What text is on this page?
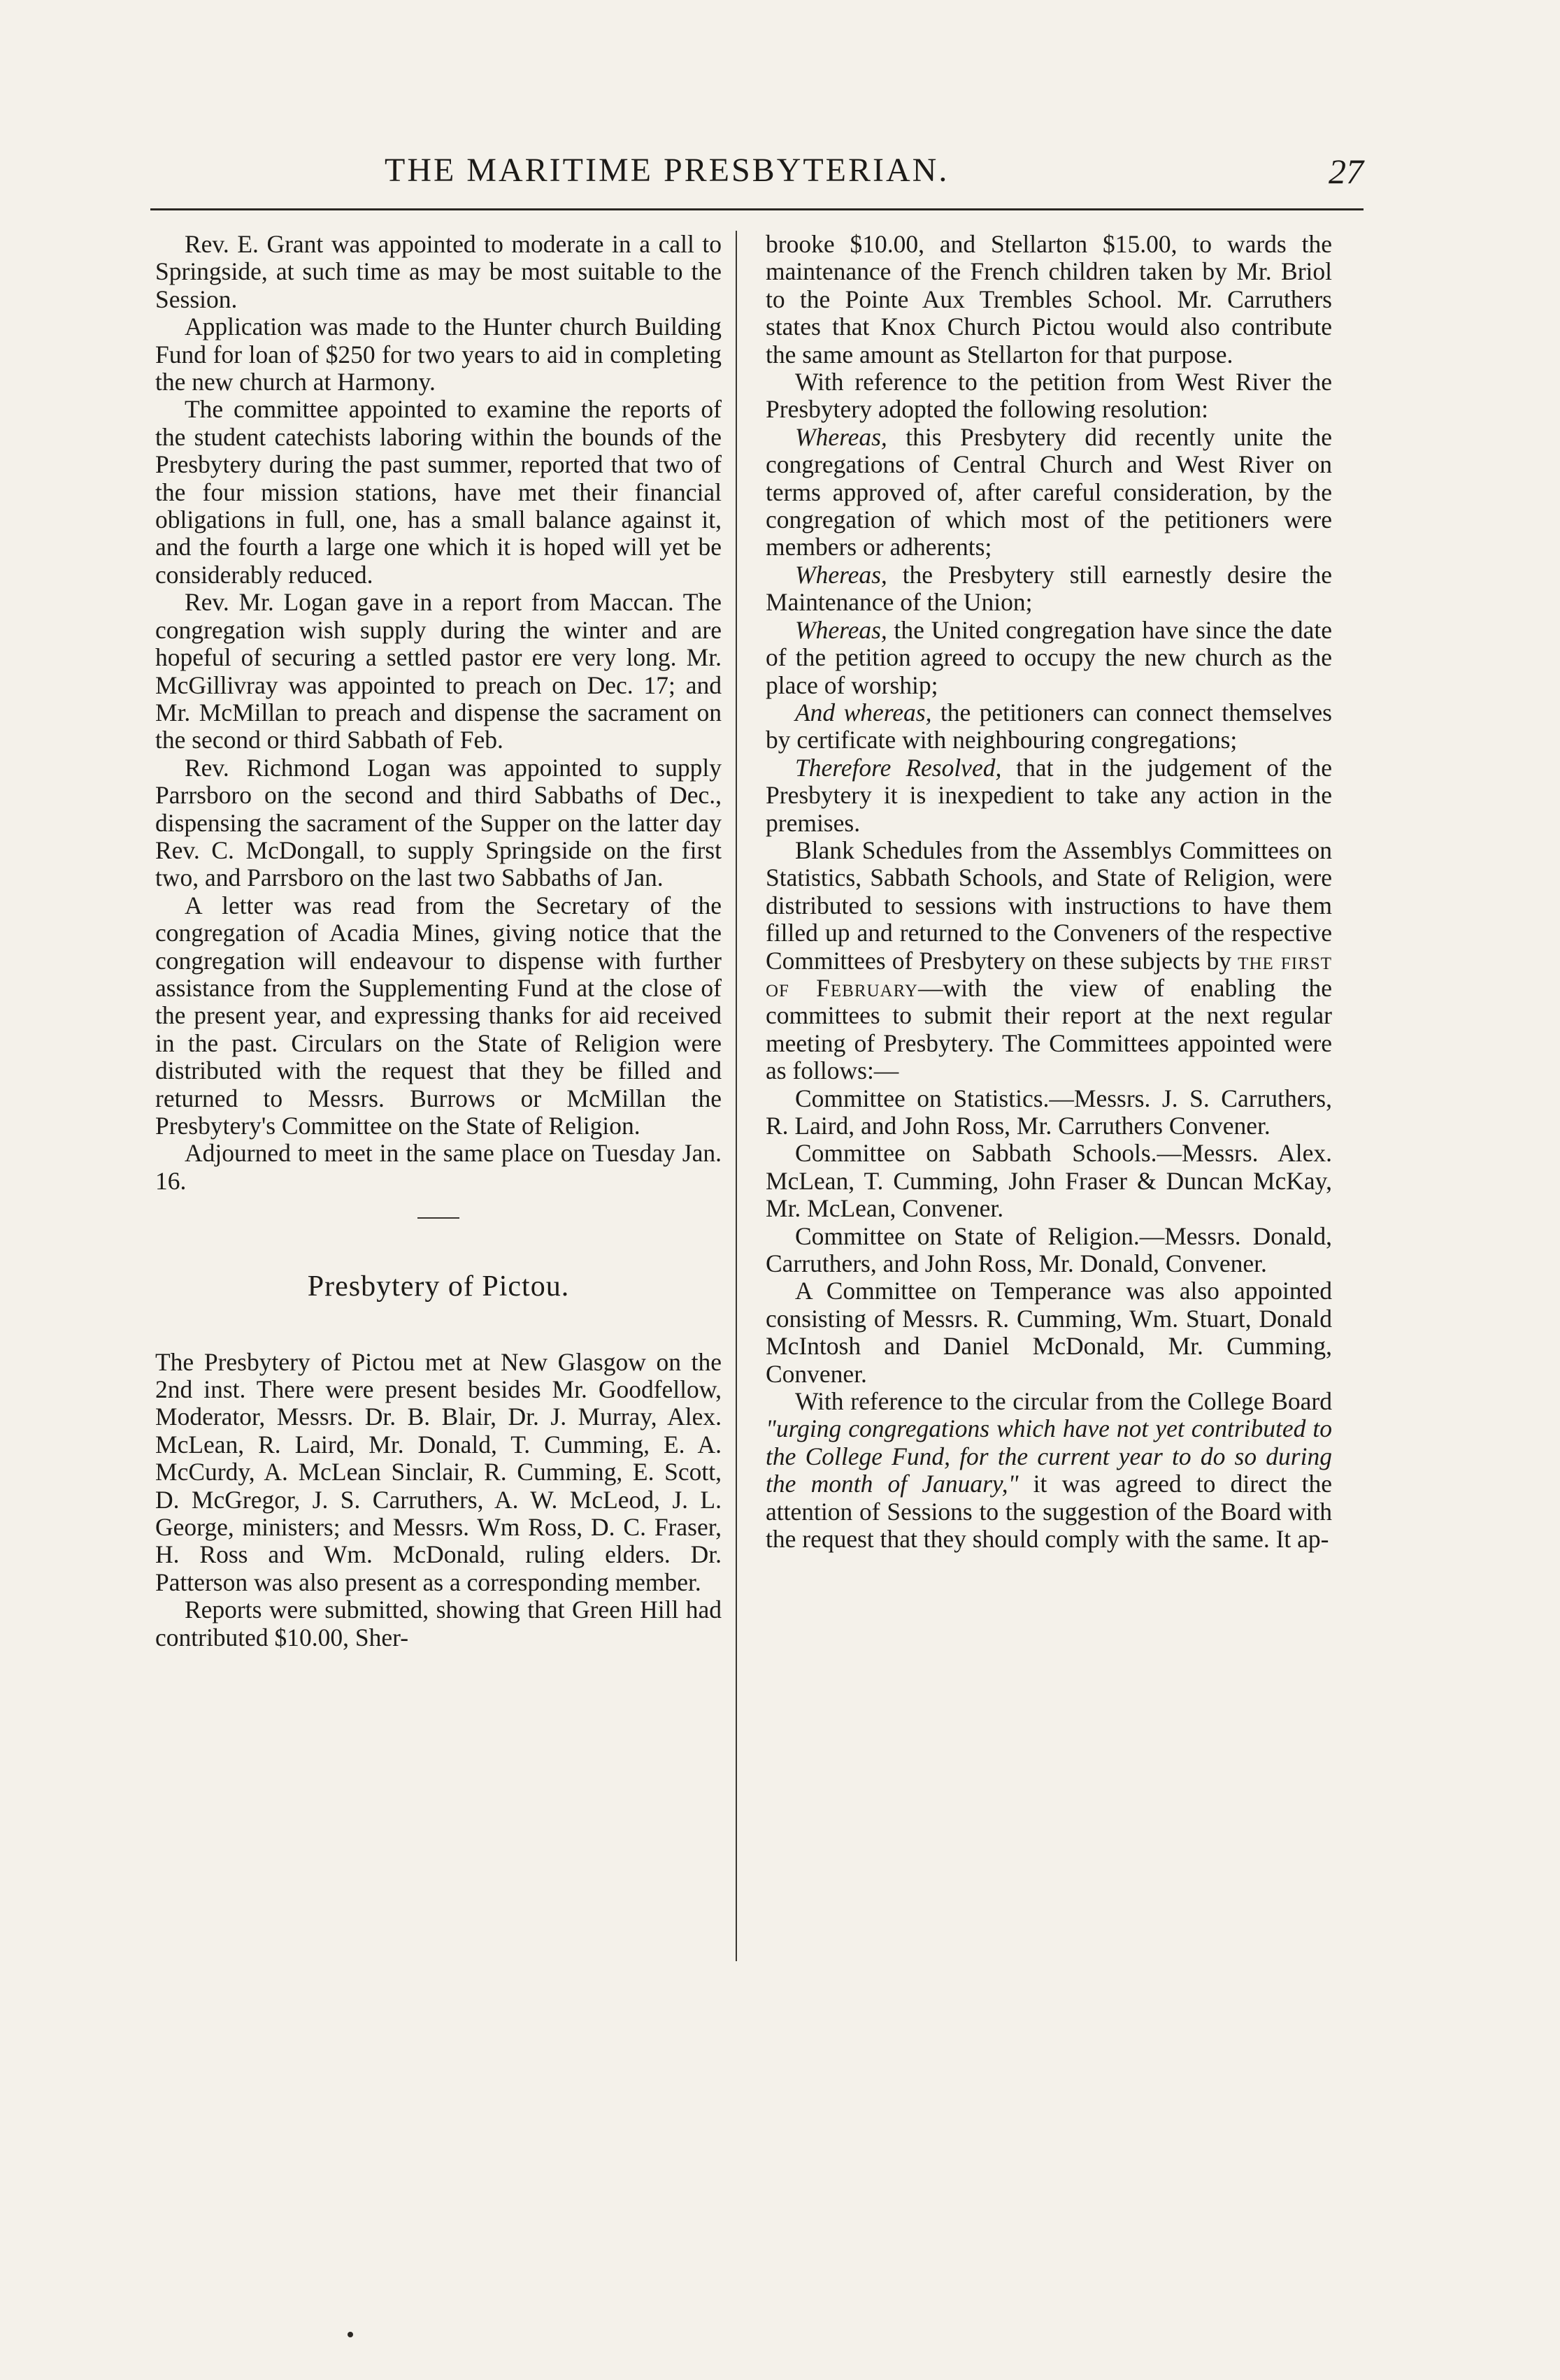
THE MARITIME PRESBYTERIAN.	27

Rev. E. Grant was appointed to moderate in a call to Springside, at such time as may be most suitable to the Session.

Application was made to the Hunter church Building Fund for loan of $250 for two years to aid in completing the new church at Harmony.

The committee appointed to examine the reports of the student catechists laboring within the bounds of the Presbytery during the past summer, reported that two of the four mission stations, have met their financial obligations in full, one, has a small balance against it, and the fourth a large one which it is hoped will yet be considerably reduced.

Rev. Mr. Logan gave in a report from Maccan. The congregation wish supply during the winter and are hopeful of securing a settled pastor ere very long. Mr. McGillivray was appointed to preach on Dec. 17; and Mr. McMillan to preach and dispense the sacrament on the second or third Sabbath of Feb.

Rev. Richmond Logan was appointed to supply Parrsboro on the second and third Sabbaths of Dec., dispensing the sacrament of the Supper on the latter day Rev. C. McDongall, to supply Springside on the first two, and Parrsboro on the last two Sabbaths of Jan.

A letter was read from the Secretary of the congregation of Acadia Mines, giving notice that the congregation will endeavour to dispense with further assistance from the Supplementing Fund at the close of the present year, and expressing thanks for aid received in the past. Circulars on the State of Religion were distributed with the request that they be filled and returned to Messrs. Burrows or McMillan the Presbytery's Committee on the State of Religion.

Adjourned to meet in the same place on Tuesday Jan. 16.

Presbytery of Pictou.

The Presbytery of Pictou met at New Glasgow on the 2nd inst. There were present besides Mr. Goodfellow, Moderator, Messrs. Dr. B. Blair, Dr. J. Murray, Alex. McLean, R. Laird, Mr. Donald, T. Cumming, E. A. McCurdy, A. McLean Sinclair, R. Cumming, E. Scott, D. McGregor, J. S. Carruthers, A. W. McLeod, J. L. George, ministers; and Messrs. Wm Ross, D. C. Fraser, H. Ross and Wm. McDonald, ruling elders. Dr. Patterson was also present as a corresponding member.

Reports were submitted, showing that Green Hill had contributed $10.00, Sher-

brooke $10.00, and Stellarton $15.00, to wards the maintenance of the French children taken by Mr. Briol to the Pointe Aux Trembles School. Mr. Carruthers states that Knox Church Pictou would also contribute the same amount as Stellarton for that purpose.

With reference to the petition from West River the Presbytery adopted the following resolution:

Whereas, this Presbytery did recently unite the congregations of Central Church and West River on terms approved of, after careful consideration, by the congregation of which most of the petitioners were members or adherents;

Whereas, the Presbytery still earnestly desire the Maintenance of the Union;

Whereas, the United congregation have since the date of the petition agreed to occupy the new church as the place of worship;

And whereas, the petitioners can connect themselves by certificate with neighbouring congregations;

Therefore Resolved, that in the judgement of the Presbytery it is inexpedient to take any action in the premises.

Blank Schedules from the Assemblys Committees on Statistics, Sabbath Schools, and State of Religion, were distributed to sessions with instructions to have them filled up and returned to the Conveners of the respective Committees of Presbytery on these subjects by the first of February—with the view of enabling the committees to submit their report at the next regular meeting of Presbytery. The Committees appointed were as follows:—

Committee on Statistics.—Messrs. J. S. Carruthers, R. Laird, and John Ross, Mr. Carruthers Convener.

Committee on Sabbath Schools.—Messrs. Alex. McLean, T. Cumming, John Fraser & Duncan McKay, Mr. McLean, Convener.

Committee on State of Religion.—Messrs. Donald, Carruthers, and John Ross, Mr. Donald, Convener.

A Committee on Temperance was also appointed consisting of Messrs. R. Cumming, Wm. Stuart, Donald McIntosh and Daniel McDonald, Mr. Cumming, Convener.

With reference to the circular from the College Board "urging congregations which have not yet contributed to the College Fund, for the current year to do so during the month of January," it was agreed to direct the attention of Sessions to the suggestion of the Board with the request that they should comply with the same. It ap-
